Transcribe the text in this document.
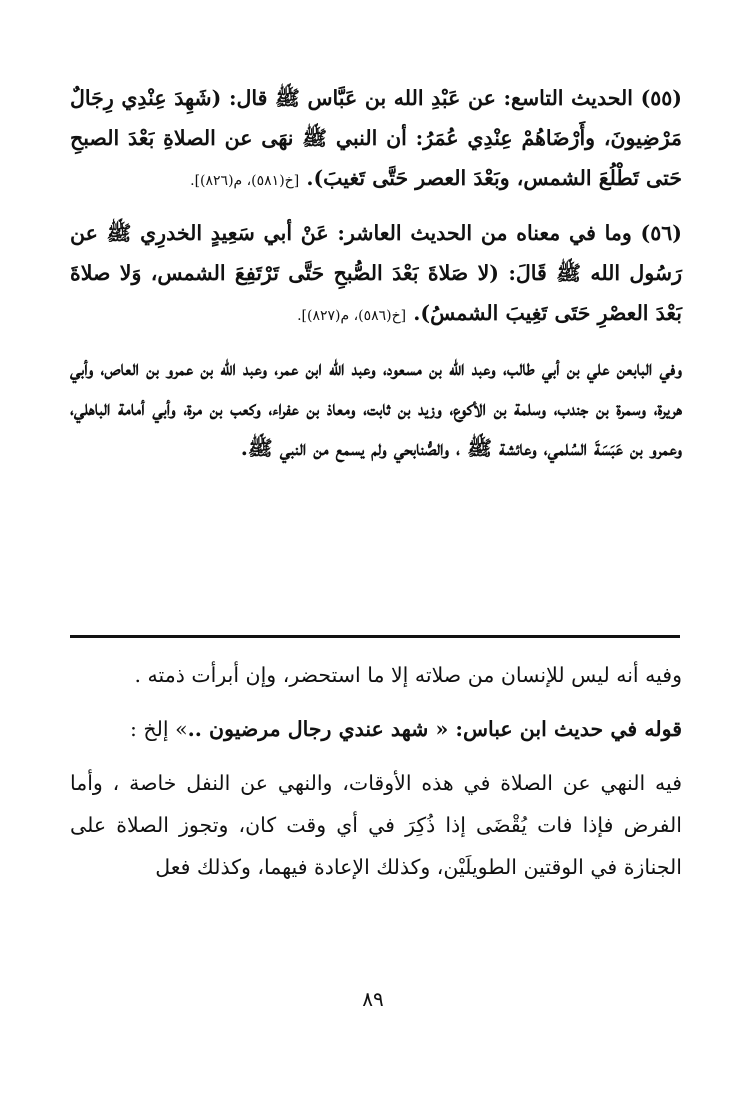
(٥٥) الحديث التاسع: عن عَبْدِ الله بن عَبَّاس ﷺ قال: (شَهِدَ عِنْدِي رِجَالٌ مَرْضِيونَ، وأَرْضَاهُمْ عِنْدِي عُمَرُ: أن النبي ﷺ نهَى عن الصلاةِ بَعْدَ الصبحِ حَتى تَطْلُعَ الشمس، وبَعْدَ العصر حَتَّى تَغيبَ). [خ(٥٨١)، م(٨٢٦)].
(٥٦) وما في معناه من الحديث العاشر: عَنْ أبي سَعِيدٍ الخدرِي ﷺ عن رَسُول الله ﷺ قَالَ: (لا صَلاةَ بَعْدَ الصُّبحِ حَتَّى تَرْتَفِعَ الشمس، وَلا صلاةَ بَعْدَ العصْرِ حَتَى تَغِيبَ الشمسُ). [خ(٥٨٦)، م(٨٢٧)].
وفي البابعن علي بن أبي طالب، وعبد الله بن مسعود، وعبد الله ابن عمر، وعبد الله بن عمرو بن العاص، وأبي هريرة، وسمرة بن جندب، وسلمة بن الأكوع، وزيد بن ثابت، ومعاذ بن عفراء، وكعب بن مرة، وأبي أمامة الباهلي، وعمرو بن عَبَسَةَ السُلمي، وعائشة ﷺ ، والصُّنابحي ولم يسمع من النبي ﷺ.
وفيه أنه ليس للإنسان من صلاته إلا ما استحضر، وإن أبرأت ذمته .
قوله في حديث ابن عباس: « شهد عندي رجال مرضيون ..» إلخ :
فيه النهي عن الصلاة في هذه الأوقات، والنهي عن النفل خاصة ، وأما الفرض فإذا فات يُقْضَى إذا ذُكِرَ في أي وقت كان، وتجوز الصلاة على الجنازة في الوقتين الطويلَيْن، وكذلك الإعادة فيهما، وكذلك فعل
٨٩
